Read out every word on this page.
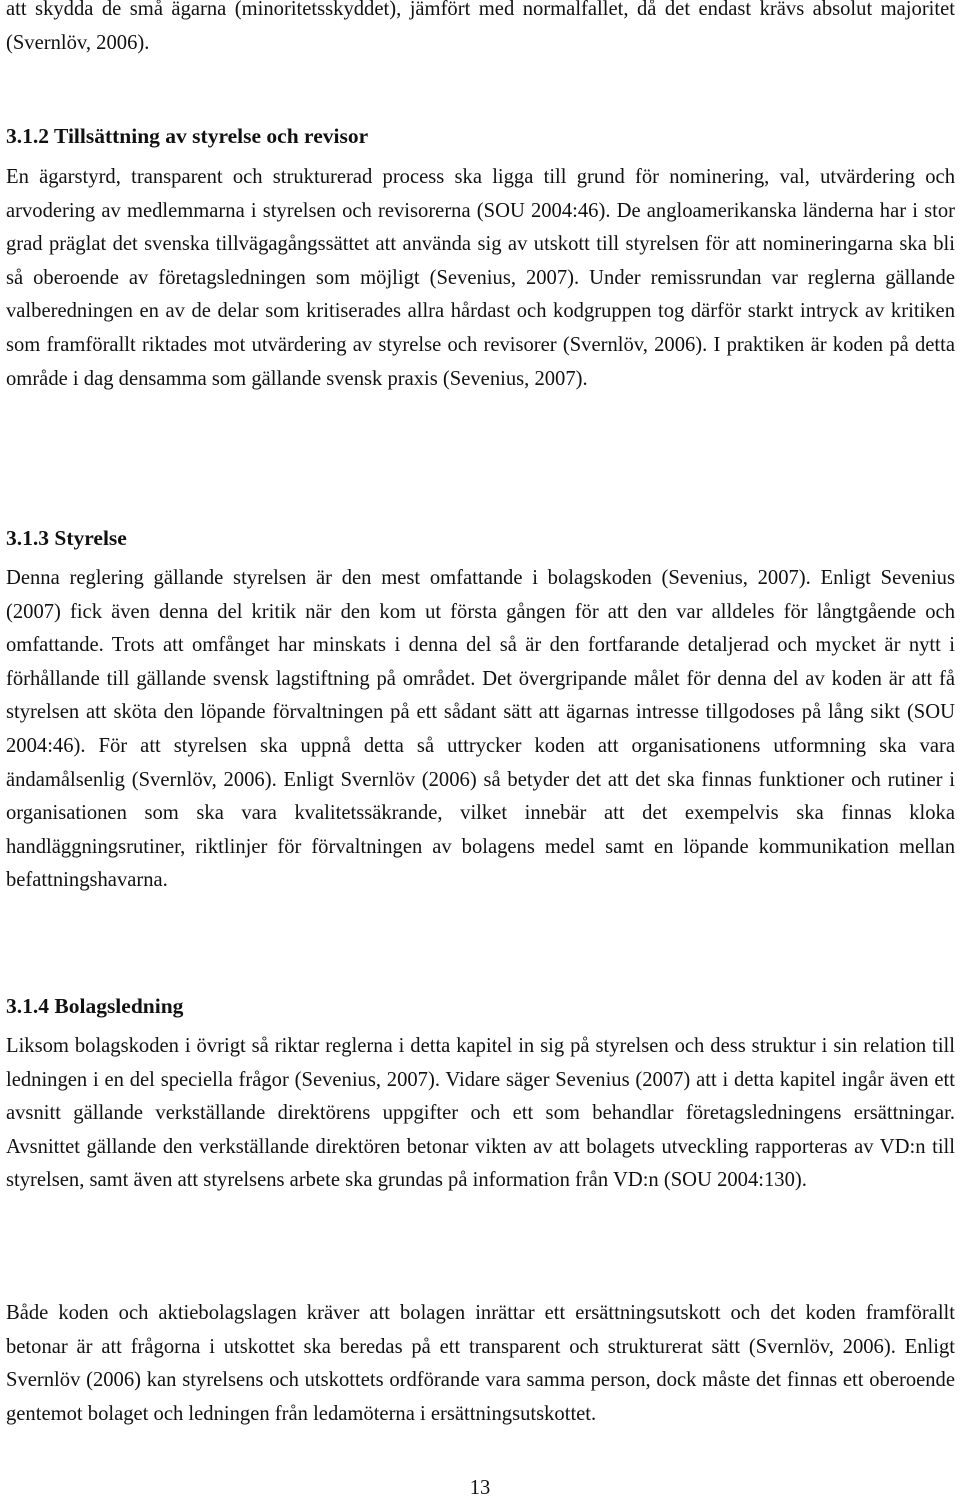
att skydda de små ägarna (minoritetsskyddet), jämfört med normalfallet, då det endast krävs absolut majoritet (Svernlöv, 2006).

3.1.2 Tillsättning av styrelse och revisor

En ägarstyrd, transparent och strukturerad process ska ligga till grund för nominering, val, utvärdering och arvodering av medlemmarna i styrelsen och revisorerna (SOU 2004:46). De angloamerikanska länderna har i stor grad präglat det svenska tillvägagångssättet att använda sig av utskott till styrelsen för att nomineringarna ska bli så oberoende av företagsledningen som möjligt (Sevenius, 2007). Under remissrundan var reglerna gällande valberedningen en av de delar som kritiserades allra hårdast och kodgruppen tog därför starkt intryck av kritiken som framförallt riktades mot utvärdering av styrelse och revisorer (Svernlöv, 2006). I praktiken är koden på detta område i dag densamma som gällande svensk praxis (Sevenius, 2007).

3.1.3 Styrelse

Denna reglering gällande styrelsen är den mest omfattande i bolagskoden (Sevenius, 2007). Enligt Sevenius (2007) fick även denna del kritik när den kom ut första gången för att den var alldeles för långtgående och omfattande. Trots att omfånget har minskats i denna del så är den fortfarande detaljerad och mycket är nytt i förhållande till gällande svensk lagstiftning på området. Det övergripande målet för denna del av koden är att få styrelsen att sköta den löpande förvaltningen på ett sådant sätt att ägarnas intresse tillgodoses på lång sikt (SOU 2004:46). För att styrelsen ska uppnå detta så uttrycker koden att organisationens utformning ska vara ändamålsenlig (Svernlöv, 2006). Enligt Svernlöv (2006) så betyder det att det ska finnas funktioner och rutiner i organisationen som ska vara kvalitetssäkrande, vilket innebär att det exempelvis ska finnas kloka handläggningsrutiner, riktlinjer för förvaltningen av bolagens medel samt en löpande kommunikation mellan befattningshavarna.

3.1.4 Bolagsledning

Liksom bolagskoden i övrigt så riktar reglerna i detta kapitel in sig på styrelsen och dess struktur i sin relation till ledningen i en del speciella frågor (Sevenius, 2007). Vidare säger Sevenius (2007) att i detta kapitel ingår även ett avsnitt gällande verkställande direktörens uppgifter och ett som behandlar företagsledningens ersättningar. Avsnittet gällande den verkställande direktören betonar vikten av att bolagets utveckling rapporteras av VD:n till styrelsen, samt även att styrelsens arbete ska grundas på information från VD:n (SOU 2004:130).

Både koden och aktiebolagslagen kräver att bolagen inrättar ett ersättningsutskott och det koden framförallt betonar är att frågorna i utskottet ska beredas på ett transparent och strukturerat sätt (Svernlöv, 2006). Enligt Svernlöv (2006) kan styrelsens och utskottets ordförande vara samma person, dock måste det finnas ett oberoende gentemot bolaget och ledningen från ledamöterna i ersättningsutskottet.

13
